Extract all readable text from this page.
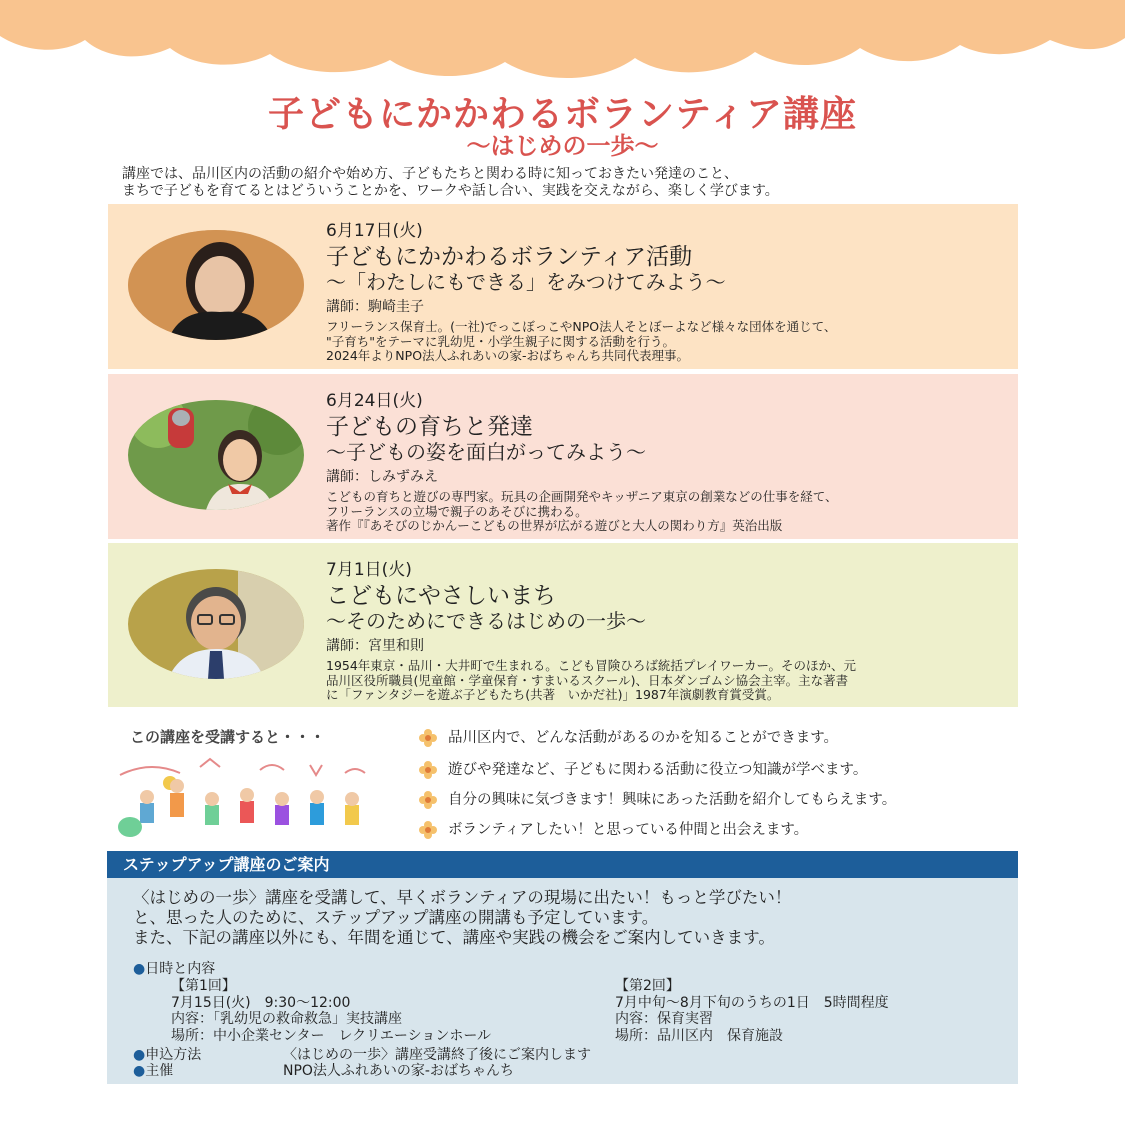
子どもにかかわるボランティア講座
〜はじめの一歩〜
講座では、品川区内の活動の紹介や始め方、子どもたちと関わる時に知っておきたい発達のこと、
まちで子どもを育てるとはどういうことかを、ワークや話し合い、実践を交えながら、楽しく学びます。
6月17日(火)
子どもにかかわるボランティア活動
〜「わたしにもできる」をみつけてみよう〜
講師：駒崎圭子
フリーランス保育士。(一社)でっこぼっこやNPO法人そとぼーよなど様々な団体を通じて、
"子育ち"をテーマに乳幼児・小学生親子に関する活動を行う。
2024年よりNPO法人ふれあいの家-おばちゃんち共同代表理事。
6月24日(火)
子どもの育ちと発達
〜子どもの姿を面白がってみよう〜
講師：しみずみえ
こどもの育ちと遊びの専門家。玩具の企画開発やキッザニア東京の創業などの仕事を経て、
フリーランスの立場で親子のあそびに携わる。
著作『『あそびのじかんーこどもの世界が広がる遊びと大人の関わり方』英治出版
7月1日(火)
こどもにやさしいまち
〜そのためにできるはじめの一歩〜
講師：宮里和則
1954年東京・品川・大井町で生まれる。こども冒険ひろば統括プレイワーカー。そのほか、元
品川区役所職員(児童館・学童保育・すまいるスクール)、日本ダンゴムシ協会主宰。主な著書
に「ファンタジーを遊ぶ子どもたち(共著　いかだ社)」1987年演劇教育賞受賞。
この講座を受講すると・・・	品川区内で、どんな活動があるのかを知ることができます。
遊びや発達など、子どもに関わる活動に役立つ知識が学べます。
自分の興味に気づきます！興味にあった活動を紹介してもらえます。
ボランティアしたい！と思っている仲間と出会えます。
ステップアップ講座のご案内
〈はじめの一歩〉講座を受講して、早くボランティアの現場に出たい！もっと学びたい！
と、思った人のために、ステップアップ講座の開講も予定しています。
また、下記の講座以外にも、年間を通じて、講座や実践の機会をご案内していきます。
●日時と内容
【第1回】
7月15日(火)　9:30〜12:00
内容：「乳幼児の救命救急」実技講座
場所：中小企業センター　レクリエーションホール
【第2回】
7月中旬〜8月下旬のうちの1日　5時間程度
内容：保育実習
場所：品川区内　保育施設
●申込方法	〈はじめの一歩〉講座受講終了後にご案内します
●主催	NPO法人ふれあいの家-おばちゃんち
